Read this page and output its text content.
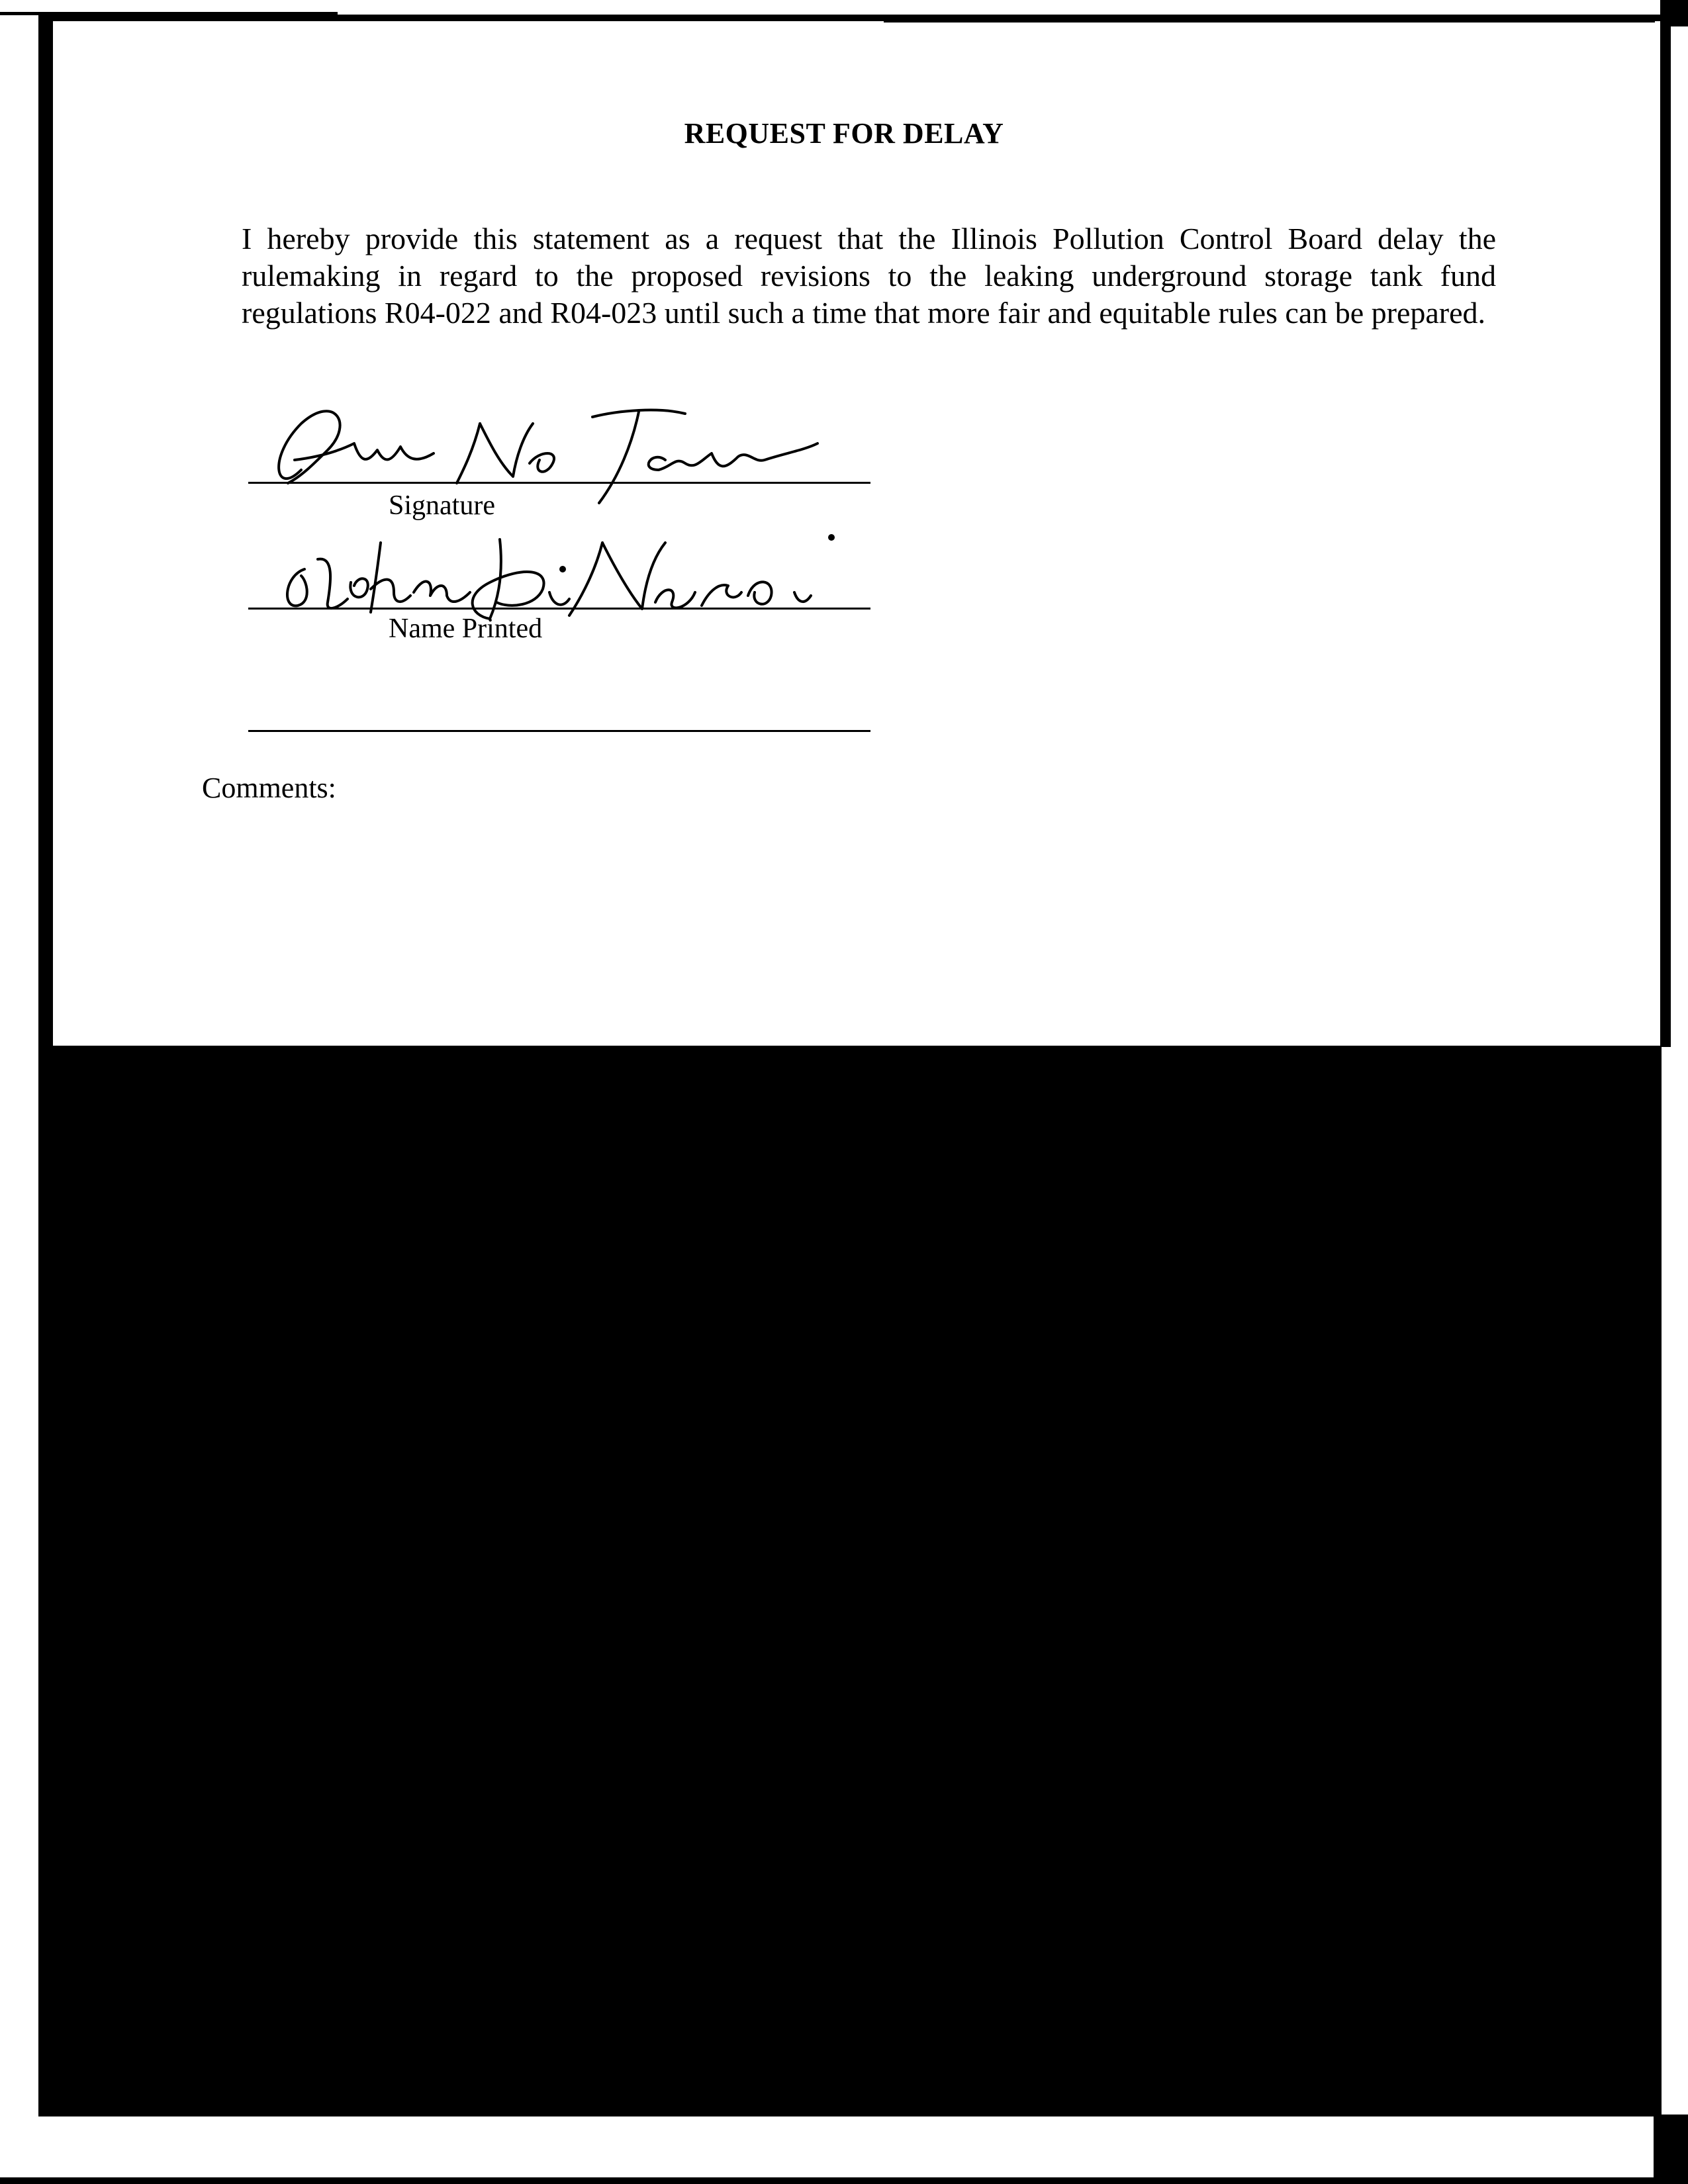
REQUEST FOR DELAY
I hereby provide this statement as a request that the Illinois Pollution Control Board delay the rulemaking in regard to the proposed revisions to the leaking underground storage tank fund regulations R04-022 and R04-023 until such a time that more fair and equitable rules can be prepared.
Signature
Name Printed
Comments:
